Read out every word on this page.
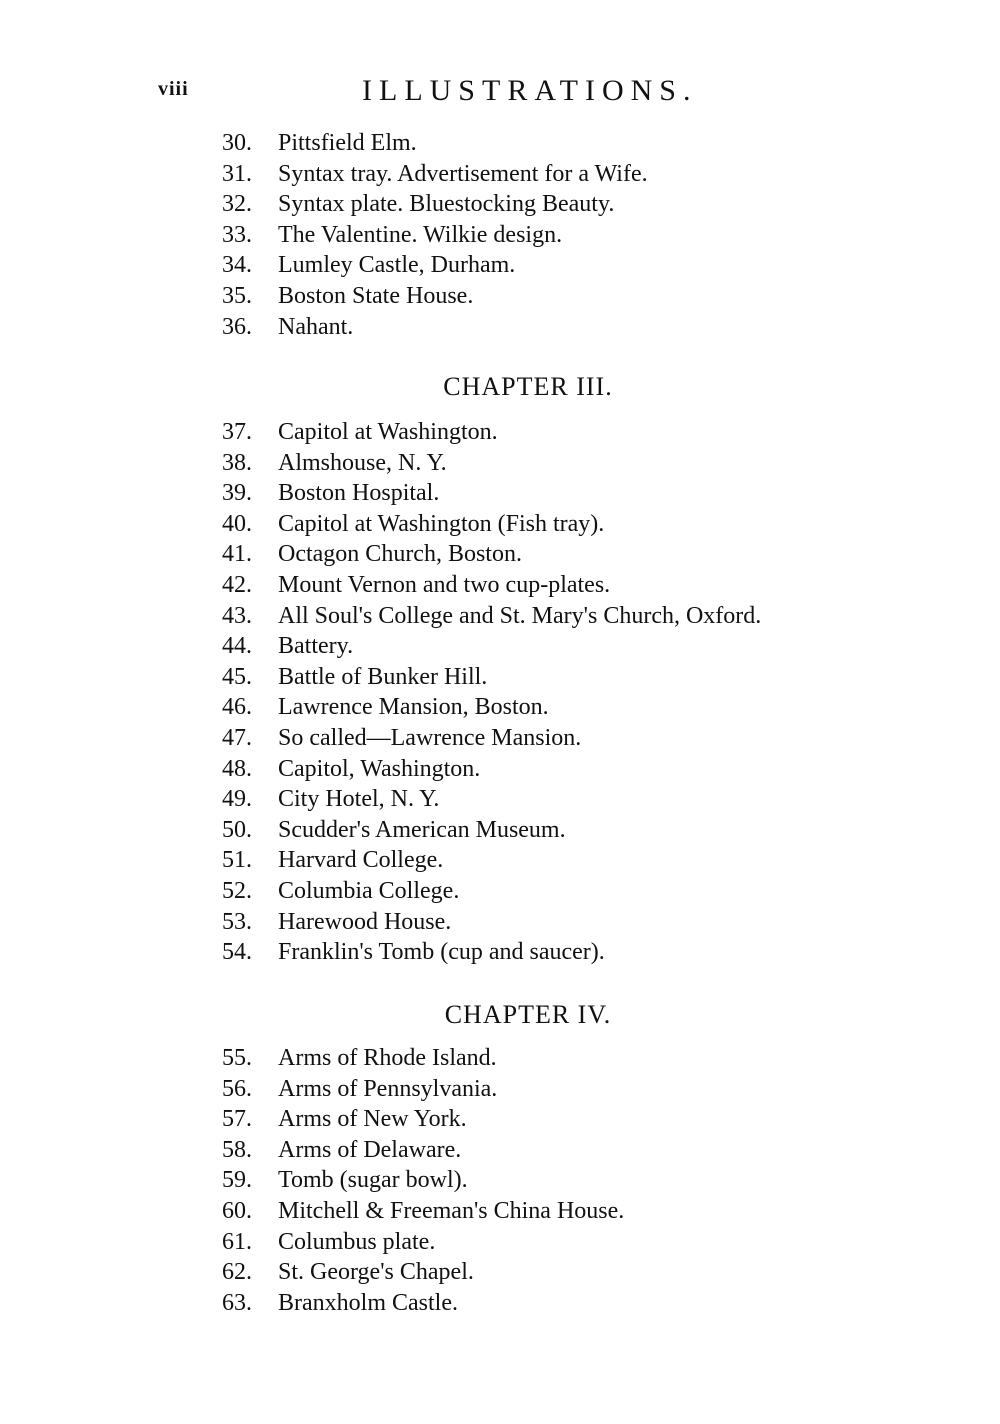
viii	ILLUSTRATIONS.
30.	Pittsfield Elm.
31.	Syntax tray. Advertisement for a Wife.
32.	Syntax plate. Bluestocking Beauty.
33.	The Valentine. Wilkie design.
34.	Lumley Castle, Durham.
35.	Boston State House.
36.	Nahant.
CHAPTER III.
37.	Capitol at Washington.
38.	Almshouse, N. Y.
39.	Boston Hospital.
40.	Capitol at Washington (Fish tray).
41.	Octagon Church, Boston.
42.	Mount Vernon and two cup-plates.
43.	All Soul's College and St. Mary's Church, Oxford.
44.	Battery.
45.	Battle of Bunker Hill.
46.	Lawrence Mansion, Boston.
47.	So called—Lawrence Mansion.
48.	Capitol, Washington.
49.	City Hotel, N. Y.
50.	Scudder's American Museum.
51.	Harvard College.
52.	Columbia College.
53.	Harewood House.
54.	Franklin's Tomb (cup and saucer).
CHAPTER IV.
55.	Arms of Rhode Island.
56.	Arms of Pennsylvania.
57.	Arms of New York.
58.	Arms of Delaware.
59.	Tomb (sugar bowl).
60.	Mitchell & Freeman's China House.
61.	Columbus plate.
62.	St. George's Chapel.
63.	Branxholm Castle.
